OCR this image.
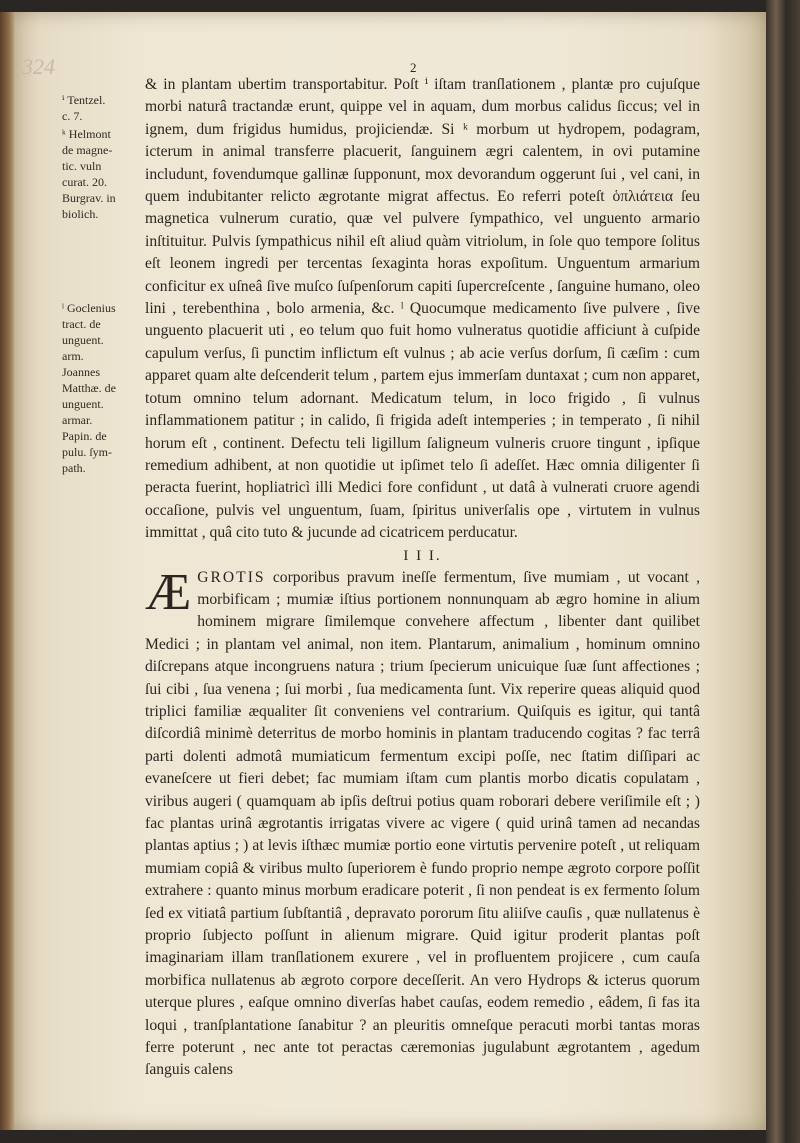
324	2
ⁱ Tentzel.
c. 7.
ᵏ Helmont
de magne-
tic. vuln
curat. 20.
Burgrav. in
biolich.
ˡ Goclenius
tract. de
unguent.
arm.
Joannes
Matthæ. de
unguent.
armar.
Papin. de
pulu. ſym-
path.

& in plantam ubertim transportabitur. Poſt ⁱ iſtam tranſlationem , plantæ pro cujuſque morbi naturâ tractandæ erunt, quippe vel in aquam, dum morbus calidus ſiccus; vel in ignem, dum frigidus humidus, projiciendæ. Si ᵏ morbum ut hydropem, podagram, icterum in animal transferre placuerit, ſanguinem ægri calentem, in ovi putamine includunt, fovendumque gallinæ ſupponunt, mox devorandum oggerunt ſui , vel cani, in quem indubitanter relicto ægrotante migrat affectus. Eo referri poteſt ὁπλιάτεια ſeu magnetica vulnerum curatio, quæ vel pulvere ſympathico, vel unguento armario inſtituitur. Pulvis ſympathicus nihil eſt aliud quàm vitriolum, in ſole quo tempore ſolitus eſt leonem ingredi per tercentas ſexaginta horas expoſitum. Unguentum armarium conficitur ex uſneâ ſive muſco ſuſpenſorum capiti ſupercreſcente , ſanguine humano, oleo lini , terebenthina , bolo armenia, &c. ˡ Quocumque medicamento ſive pulvere , ſive unguento placuerit uti , eo telum quo fuit homo vulneratus quotidie afficiunt à cuſpide capulum verſus, ſi punctim inflictum eſt vulnus ; ab acie verſus dorſum, ſi cæſim : cum apparet quam alte deſcenderit telum , partem ejus immerſam duntaxat ; cum non apparet, totum omnino telum adornant. Medicatum telum, in loco frigido , ſi vulnus inflammationem patitur ; in calido, ſi frigida adeſt intemperies ; in temperato , ſi nihil horum eſt , continent. Defectu teli ligillum ſaligneum vulneris cruore tingunt , ipſique remedium adhibent, at non quotidie ut ipſimet telo ſi adeſſet. Hæc omnia diligenter ſi peracta fuerint, hopliatricì illi Medici fore confidunt , ut datâ à vulnerati cruore agendi occaſione, pulvis vel unguentum, ſuam, ſpiritus univerſalis ope , virtutem in vulnus immittat , quâ cito tuto & jucunde ad cicatricem perducatur.

I I I.

ÆGROTIS corporibus pravum ineſſe fermentum, ſive mumiam , ut vocant , morbificam ; mumiæ iſtius portionem nonnunquam ab ægro homine in alium hominem migrare ſimilemque convehere affectum , libenter dant quilibet Medici ; in plantam vel animal, non item. Plantarum, animalium , hominum omnino diſcrepans atque incongruens natura ; trium ſpecierum unicuique ſuæ ſunt affectiones ; ſui cibi , ſua venena ; ſui morbi , ſua medicamenta ſunt. Vix reperire queas aliquid quod triplici familiæ æqualiter ſit conveniens vel contrarium. Quiſquis es igitur, qui tantâ diſcordiâ minimè deterritus de morbo hominis in plantam traducendo cogitas ? fac terrâ parti dolenti admotâ mumiaticum fermentum excipi poſſe, nec ſtatim diſſipari ac evaneſcere ut fieri debet; fac mumiam iſtam cum plantis morbo dicatis copulatam , viribus augeri ( quamquam ab ipſis deſtrui potius quam roborari debere veriſimile eſt ; ) fac plantas urinâ ægrotantis irrigatas vivere ac vigere ( quid urinâ tamen ad necandas plantas aptius ; ) at levis iſthæc mumiæ portio eone virtutis pervenire poteſt , ut reliquam mumiam copiâ & viribus multo ſuperiorem è fundo proprio nempe ægroto corpore poſſit extrahere : quanto minus morbum eradicare poterit , ſi non pendeat is ex fermento ſolum ſed ex vitiatâ partium ſubſtantiâ , depravato pororum ſitu aliiſve cauſis , quæ nullatenus è proprio ſubjecto poſſunt in alienum migrare. Quid igitur proderit plantas poſt imaginariam illam tranſlationem exurere , vel in profluentem projicere , cum cauſa morbifica nullatenus ab ægroto corpore deceſſerit. An vero Hydrops & icterus quorum uterque plures , eaſque omnino diverſas habet cauſas, eodem remedio , eâdem, ſi fas ita loqui , tranſplantatione ſanabitur ? an pleuritis omneſque peracuti morbi tantas moras ferre poterunt , nec ante tot peractas cæremonias jugulabunt ægrotantem , agedum ſanguis calens
